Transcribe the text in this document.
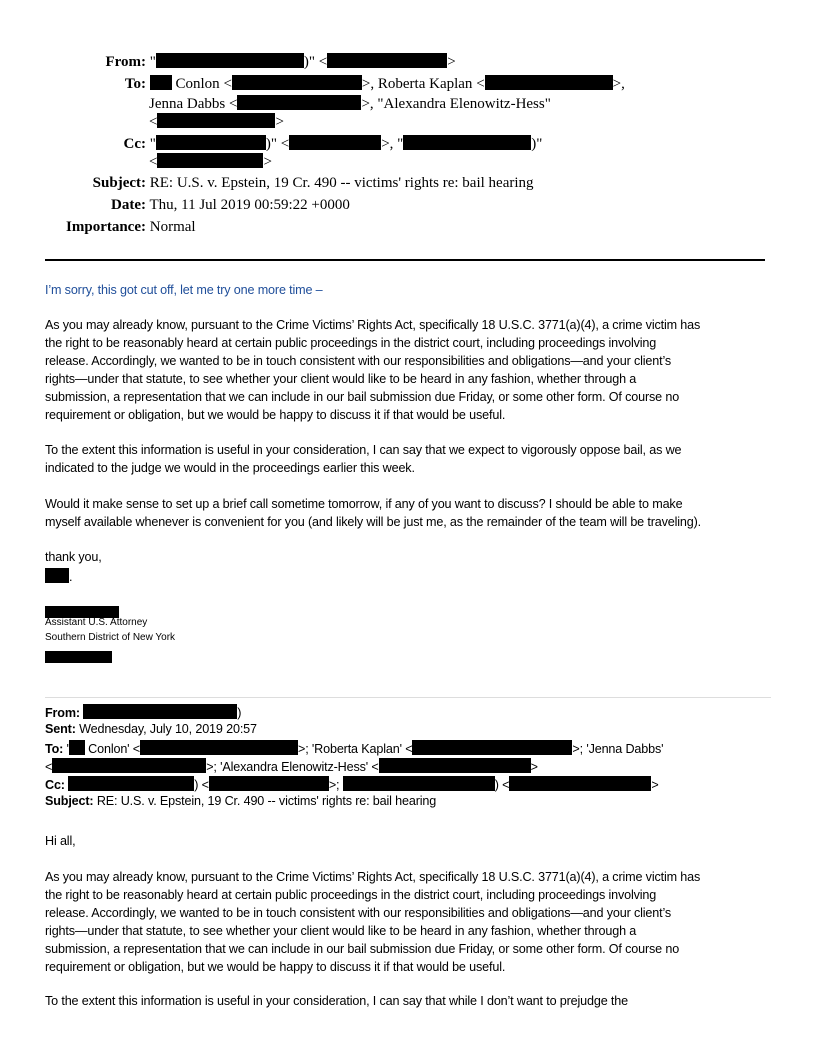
From: "	)" <	>
To: Conlon <	>, Roberta Kaplan <	>,
Jenna Dabbs <	>, "Alexandra Elenowitz-Hess"
<	>
Cc: "	)" <	>, "	)"
<	>
Subject: RE: U.S. v. Epstein, 19 Cr. 490 -- victims' rights re: bail hearing
Date: Thu, 11 Jul 2019 00:59:22 +0000
Importance: Normal
I’m sorry, this got cut off, let me try one more time –
As you may already know, pursuant to the Crime Victims’ Rights Act, specifically 18 U.S.C. 3771(a)(4), a crime victim has
the right to be reasonably heard at certain public proceedings in the district court, including proceedings involving
release. Accordingly, we wanted to be in touch consistent with our responsibilities and obligations—and your client’s
rights—under that statute, to see whether your client would like to be heard in any fashion, whether through a
submission, a representation that we can include in our bail submission due Friday, or some other form. Of course no
requirement or obligation, but we would be happy to discuss it if that would be useful.
To the extent this information is useful in your consideration, I can say that we expect to vigorously oppose bail, as we
indicated to the judge we would in the proceedings earlier this week.
Would it make sense to set up a brief call sometime tomorrow, if any of you want to discuss? I should be able to make
myself available whenever is convenient for you (and likely will be just me, as the remainder of the team will be traveling).
thank you,
.
Assistant U.S. Attorney
Southern District of New York
From:	)
Sent: Wednesday, July 10, 2019 20:57
To: ' Conlon' <	>; 'Roberta Kaplan' <	>; 'Jenna Dabbs'
<	>; 'Alexandra Elenowitz-Hess' <	>
Cc:	) <	>;	) <	>
Subject: RE: U.S. v. Epstein, 19 Cr. 490 -- victims' rights re: bail hearing
Hi all,
As you may already know, pursuant to the Crime Victims’ Rights Act, specifically 18 U.S.C. 3771(a)(4), a crime victim has
the right to be reasonably heard at certain public proceedings in the district court, including proceedings involving
release. Accordingly, we wanted to be in touch consistent with our responsibilities and obligations—and your client’s
rights—under that statute, to see whether your client would like to be heard in any fashion, whether through a
submission, a representation that we can include in our bail submission due Friday, or some other form. Of course no
requirement or obligation, but we would be happy to discuss it if that would be useful.
To the extent this information is useful in your consideration, I can say that while I don’t want to prejudge the
